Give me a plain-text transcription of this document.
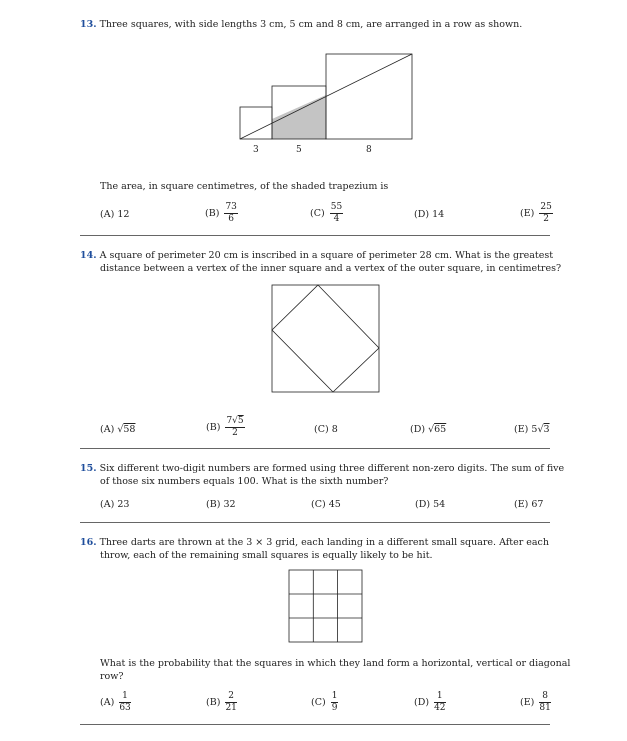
13. Three squares, with side lengths 3 cm, 5 cm and 8 cm, are arranged in a row as shown.
3	5	8
The area, in square centimetres, of the shaded trapezium is
(A) 12	$(B) \frac{73}{6}$	$(C) \frac{55}{4}$	(D) 14	$(E) \frac{25}{2}$
14. A square of perimeter 20 cm is inscribed in a square of perimeter 28 cm. What is the greatest
distance between a vertex of the inner square and a vertex of the outer square, in centimetres?
(A) √58	$(B) \frac{7√5}{2}$	(C) 8	(D) √65	(E) 5√3
15. Six different two-digit numbers are formed using three different non-zero digits. The sum of five
of those six numbers equals 100. What is the sixth number?
(A) 23	(B) 32	(C) 45	(D) 54	(E) 67
16. Three darts are thrown at the 3 × 3 grid, each landing in a different small square. After each
throw, each of the remaining small squares is equally likely to be hit.
What is the probability that the squares in which they land form a horizontal, vertical or diagonal
row?
$(A) \frac{1}{63}$	$(B) \frac{2}{21}$	$(C) \frac{1}{9}$	$(D) \frac{1}{42}$	$(E) \frac{8}{81}$
